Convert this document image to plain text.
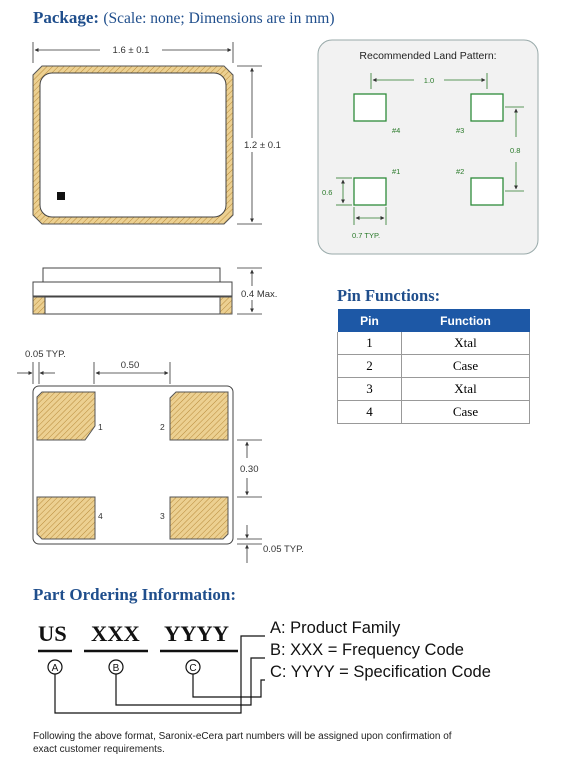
Package: (Scale: none; Dimensions are in mm)
1.6 ± 0.1
1.2 ± 0.1
0.4 Max.
0.05 TYP.
0.50
1	2
3
4
0.30
0.05 TYP.
Recommended Land Pattern:
1.0
#4	#3
#1	#2
0.8
0.6
0.7 TYP.
A	B	C
Pin Functions:
Pin	Function
1	Xtal
2	Case
3	Xtal
4	Case
Part Ordering Information:
US XXX YYYY A: Product Family
B: XXX = Frequency Code
C: YYYY = Specification Code
Following the above format, Saronix-eCera part numbers will be assigned upon confirmation of exact customer requirements.
